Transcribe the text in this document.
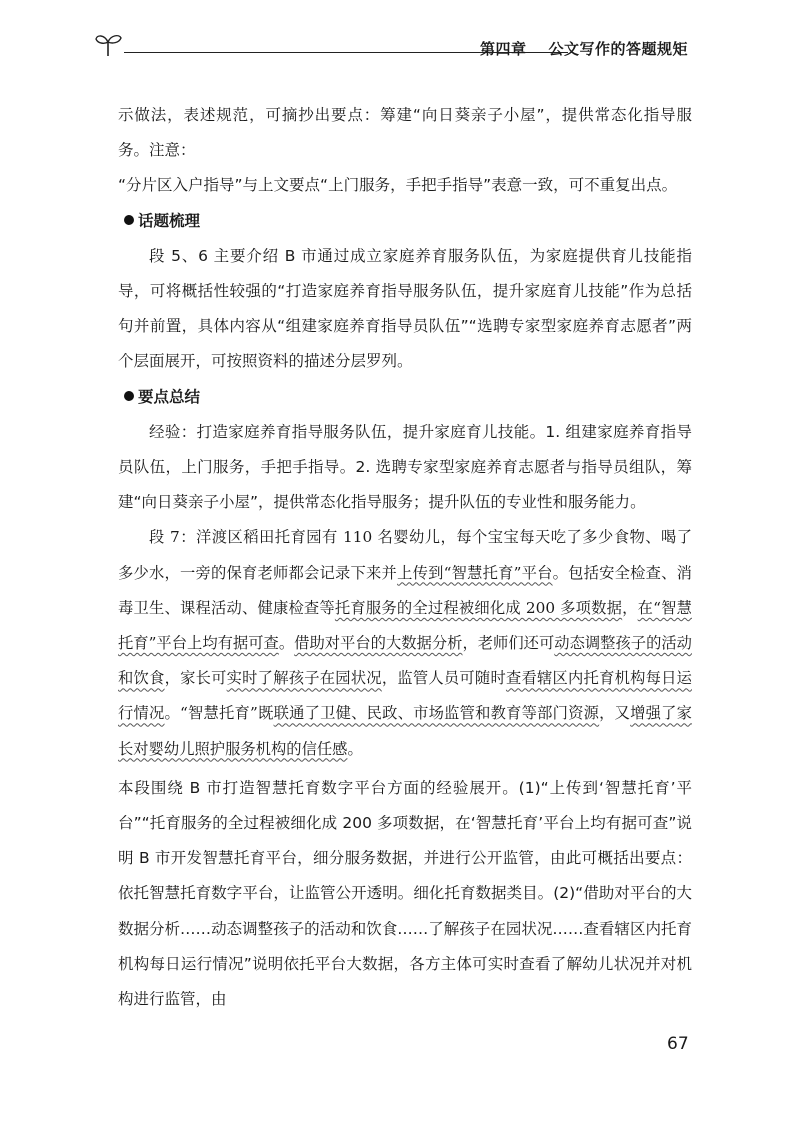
第四章 公文写作的答题规矩

示做法，表述规范，可摘抄出要点：筹建“向日葵亲子小屋”，提供常态化指导服务。注意：

“分片区入户指导”与上文要点“上门服务，手把手指导”表意一致，可不重复出点。

话题梳理

段 5、6 主要介绍 B 市通过成立家庭养育服务队伍，为家庭提供育儿技能指导，可将概括性较强的“打造家庭养育指导服务队伍，提升家庭育儿技能”作为总括句并前置，具体内容从“组建家庭养育指导员队伍”“选聘专家型家庭养育志愿者”两个层面展开，可按照资料的描述分层罗列。

要点总结

经验：打造家庭养育指导服务队伍，提升家庭育儿技能。1. 组建家庭养育指导员队伍，上门服务，手把手指导。2. 选聘专家型家庭养育志愿者与指导员组队，筹建“向日葵亲子小屋”，提供常态化指导服务；提升队伍的专业性和服务能力。

段 7：洋渡区稻田托育园有 110 名婴幼儿，每个宝宝每天吃了多少食物、喝了多少水，一旁的保育老师都会记录下来并上传到“智慧托育”平台。包括安全检查、消毒卫生、课程活动、健康检查等托育服务的全过程被细化成 200 多项数据，在“智慧托育”平台上均有据可查。借助对平台的大数据分析，老师们还可动态调整孩子的活动和饮食，家长可实时了解孩子在园状况，监管人员可随时查看辖区内托育机构每日运行情况。“智慧托育”既联通了卫健、民政、市场监管和教育等部门资源，又增强了家长对婴幼儿照护服务机构的信任感。

本段围绕 B 市打造智慧托育数字平台方面的经验展开。(1)“上传到‘智慧托育’平台”“托育服务的全过程被细化成 200 多项数据，在‘智慧托育’平台上均有据可查”说明 B 市开发智慧托育平台，细分服务数据，并进行公开监管，由此可概括出要点：依托智慧托育数字平台，让监管公开透明。细化托育数据类目。(2)“借助对平台的大数据分析……动态调整孩子的活动和饮食……了解孩子在园状况……查看辖区内托育机构每日运行情况”说明依托平台大数据，各方主体可实时查看了解幼儿状况并对机构进行监管，由

67
